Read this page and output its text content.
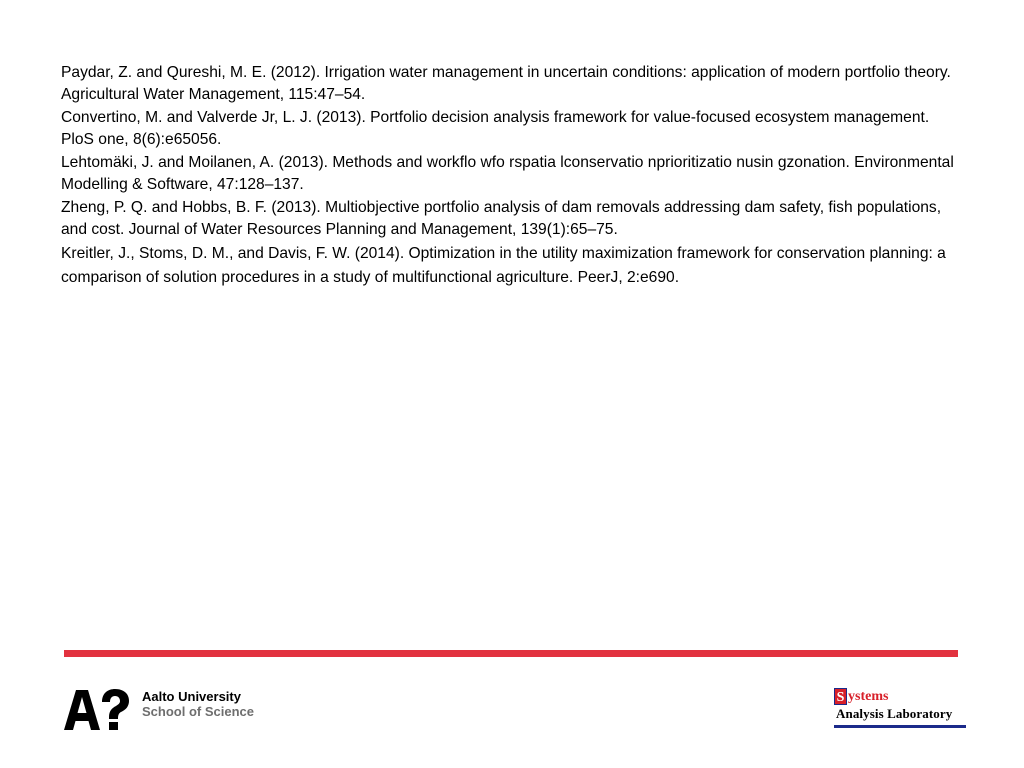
Paydar, Z. and Qureshi, M. E. (2012). Irrigation water management in uncertain conditions: application of modern portfolio theory. Agricultural Water Management, 115:47–54.

Convertino, M. and Valverde Jr, L. J. (2013). Portfolio decision analysis framework for value-focused ecosystem management. PloS one, 8(6):e65056.

Lehtomäki, J. and Moilanen, A. (2013). Methods and workflo wfo rspatia lconservatio nprioritizatio nusin gzonation. Environmental Modelling & Software, 47:128–137.

Zheng, P. Q. and Hobbs, B. F. (2013). Multiobjective portfolio analysis of dam removals addressing dam safety, fish populations, and cost. Journal of Water Resources Planning and Management, 139(1):65–75.

Kreitler, J., Stoms, D. M., and Davis, F. W. (2014). Optimization in the utility maximization framework for conservation planning: a comparison of solution procedures in a study of multifunctional agriculture. PeerJ, 2:e690.

Aalto University
School of Science
S ystems
Analysis Laboratory
